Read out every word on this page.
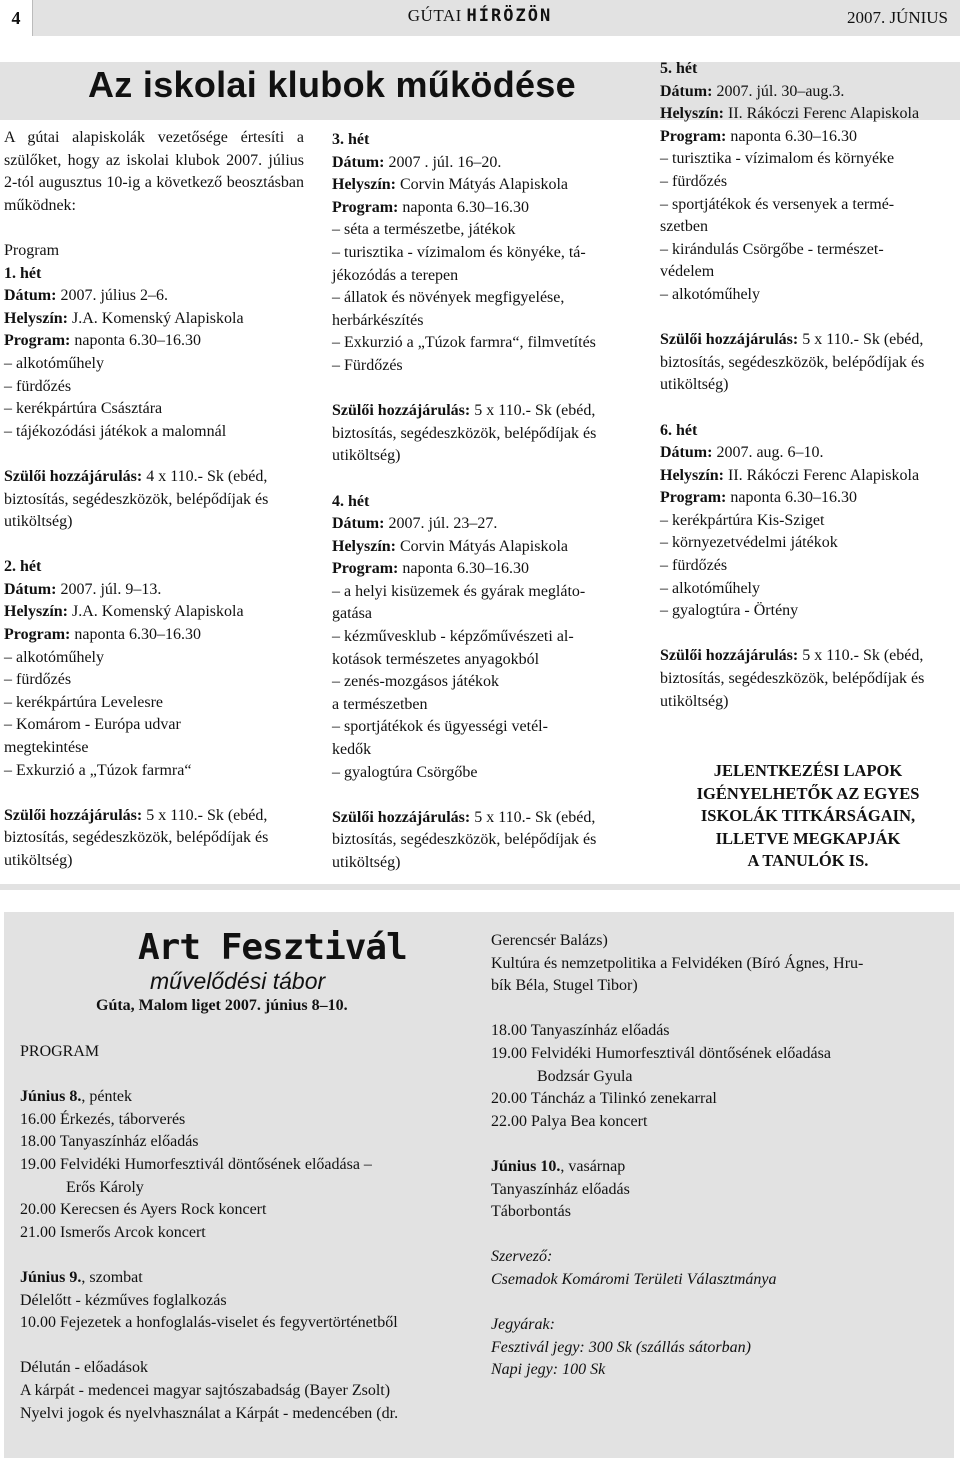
4	GÚTAI HÍRÖZÖN	2007. JÚNIUS
Az iskolai klubok működése
A gútai alapiskolák vezetősége értesíti a szülőket, hogy az iskolai klubok 2007. július 2-tól augusztus 10-ig a következő beosztásban működnek:
Program
1. hét
Dátum: 2007. július 2–6.
Helyszín: J.A. Komenský Alapiskola
Program: naponta 6.30–16.30
– alkotóműhely
– fürdőzés
– kerékpártúra Császtára
– tájékozódási játékok a malomnál
Szülői hozzájárulás: 4 x 110.- Sk (ebéd,
biztosítás, segédeszközök, belépődíjak és
utiköltség)
2. hét
Dátum: 2007. júl. 9–13.
Helyszín: J.A. Komenský Alapiskola
Program: naponta 6.30–16.30
– alkotóműhely
– fürdőzés
– kerékpártúra Levelesre
– Komárom - Európa udvar
megtekintése
– Exkurzió a „Túzok farmra“
Szülői hozzájárulás: 5 x 110.- Sk (ebéd,
biztosítás, segédeszközök, belépődíjak és
utiköltség)
3. hét
Dátum: 2007 . júl. 16–20.
Helyszín: Corvin Mátyás Alapiskola
Program: naponta 6.30–16.30
– séta a természetbe, játékok
– turisztika - vízimalom és könyéke, tá-
jékozódás a terepen
– állatok és növények megfigyelése,
herbárkészítés
– Exkurzió a „Túzok farmra“, filmvetítés
– Fürdőzés
Szülői hozzájárulás: 5 x 110.- Sk (ebéd,
biztosítás, segédeszközök, belépődíjak és
utiköltség)
4. hét
Dátum: 2007. júl. 23–27.
Helyszín: Corvin Mátyás Alapiskola
Program: naponta 6.30–16.30
– a helyi kisüzemek és gyárak megláto-
gatása
– kézművesklub - képzőművészeti al-
kotások természetes anyagokból
– zenés-mozgásos játékok
a természetben
– sportjátékok és ügyességi vetél-
kedők
– gyalogtúra Csörgőbe
Szülői hozzájárulás: 5 x 110.- Sk (ebéd,
biztosítás, segédeszközök, belépődíjak és
utiköltség)
5. hét
Dátum: 2007. júl. 30–aug.3.
Helyszín: II. Rákóczi Ferenc Alapiskola
Program: naponta 6.30–16.30
– turisztika - vízimalom és környéke
– fürdőzés
– sportjátékok és versenyek a termé-
szetben
– kirándulás Csörgőbe - természet-
védelem
– alkotóműhely
Szülői hozzájárulás: 5 x 110.- Sk (ebéd,
biztosítás, segédeszközök, belépődíjak és
utiköltség)
6. hét
Dátum: 2007. aug. 6–10.
Helyszín: II. Rákóczi Ferenc Alapiskola
Program: naponta 6.30–16.30
– kerékpártúra Kis-Sziget
– környezetvédelmi játékok
– fürdőzés
– alkotóműhely
– gyalogtúra - Örtény
Szülői hozzájárulás: 5 x 110.- Sk (ebéd,
biztosítás, segédeszközök, belépődíjak és
utiköltség)
JELENTKEZÉSI LAPOK
IGÉNYELHETŐK AZ EGYES
ISKOLÁK TITKÁRSÁGAIN,
ILLETVE MEGKAPJÁK
A TANULÓK IS.
Art Fesztivál
művelődési tábor
Gúta, Malom liget 2007. június 8–10.
PROGRAM
Június 8., péntek
16.00 Érkezés, táborverés
18.00 Tanyaszínház előadás
19.00 Felvidéki Humorfesztivál döntősének előadása –
Erős Károly
20.00 Kerecsen és Ayers Rock koncert
21.00 Ismerős Arcok koncert
Június 9., szombat
Délelőtt - kézműves foglalkozás
10.00 Fejezetek a honfoglalás-viselet és fegyvertörténetből
Délután - előadások
A kárpát - medencei magyar sajtószabadság (Bayer Zsolt)
Nyelvi jogok és nyelvhasználat a Kárpát - medencében (dr.
Gerencsér Balázs)
Kultúra és nemzetpolitika a Felvidéken (Bíró Ágnes, Hru-
bík Béla, Stugel Tibor)
18.00 Tanyaszínház előadás
19.00 Felvidéki Humorfesztivál döntősének előadása
Bodzsár Gyula
20.00 Táncház a Tilinkó zenekarral
22.00 Palya Bea koncert
Június 10., vasárnap
Tanyaszínház előadás
Táborbontás
Szervező:
Csemadok Komáromi Területi Választmánya
Jegyárak:
Fesztivál jegy: 300 Sk (szállás sátorban)
Napi jegy: 100 Sk
